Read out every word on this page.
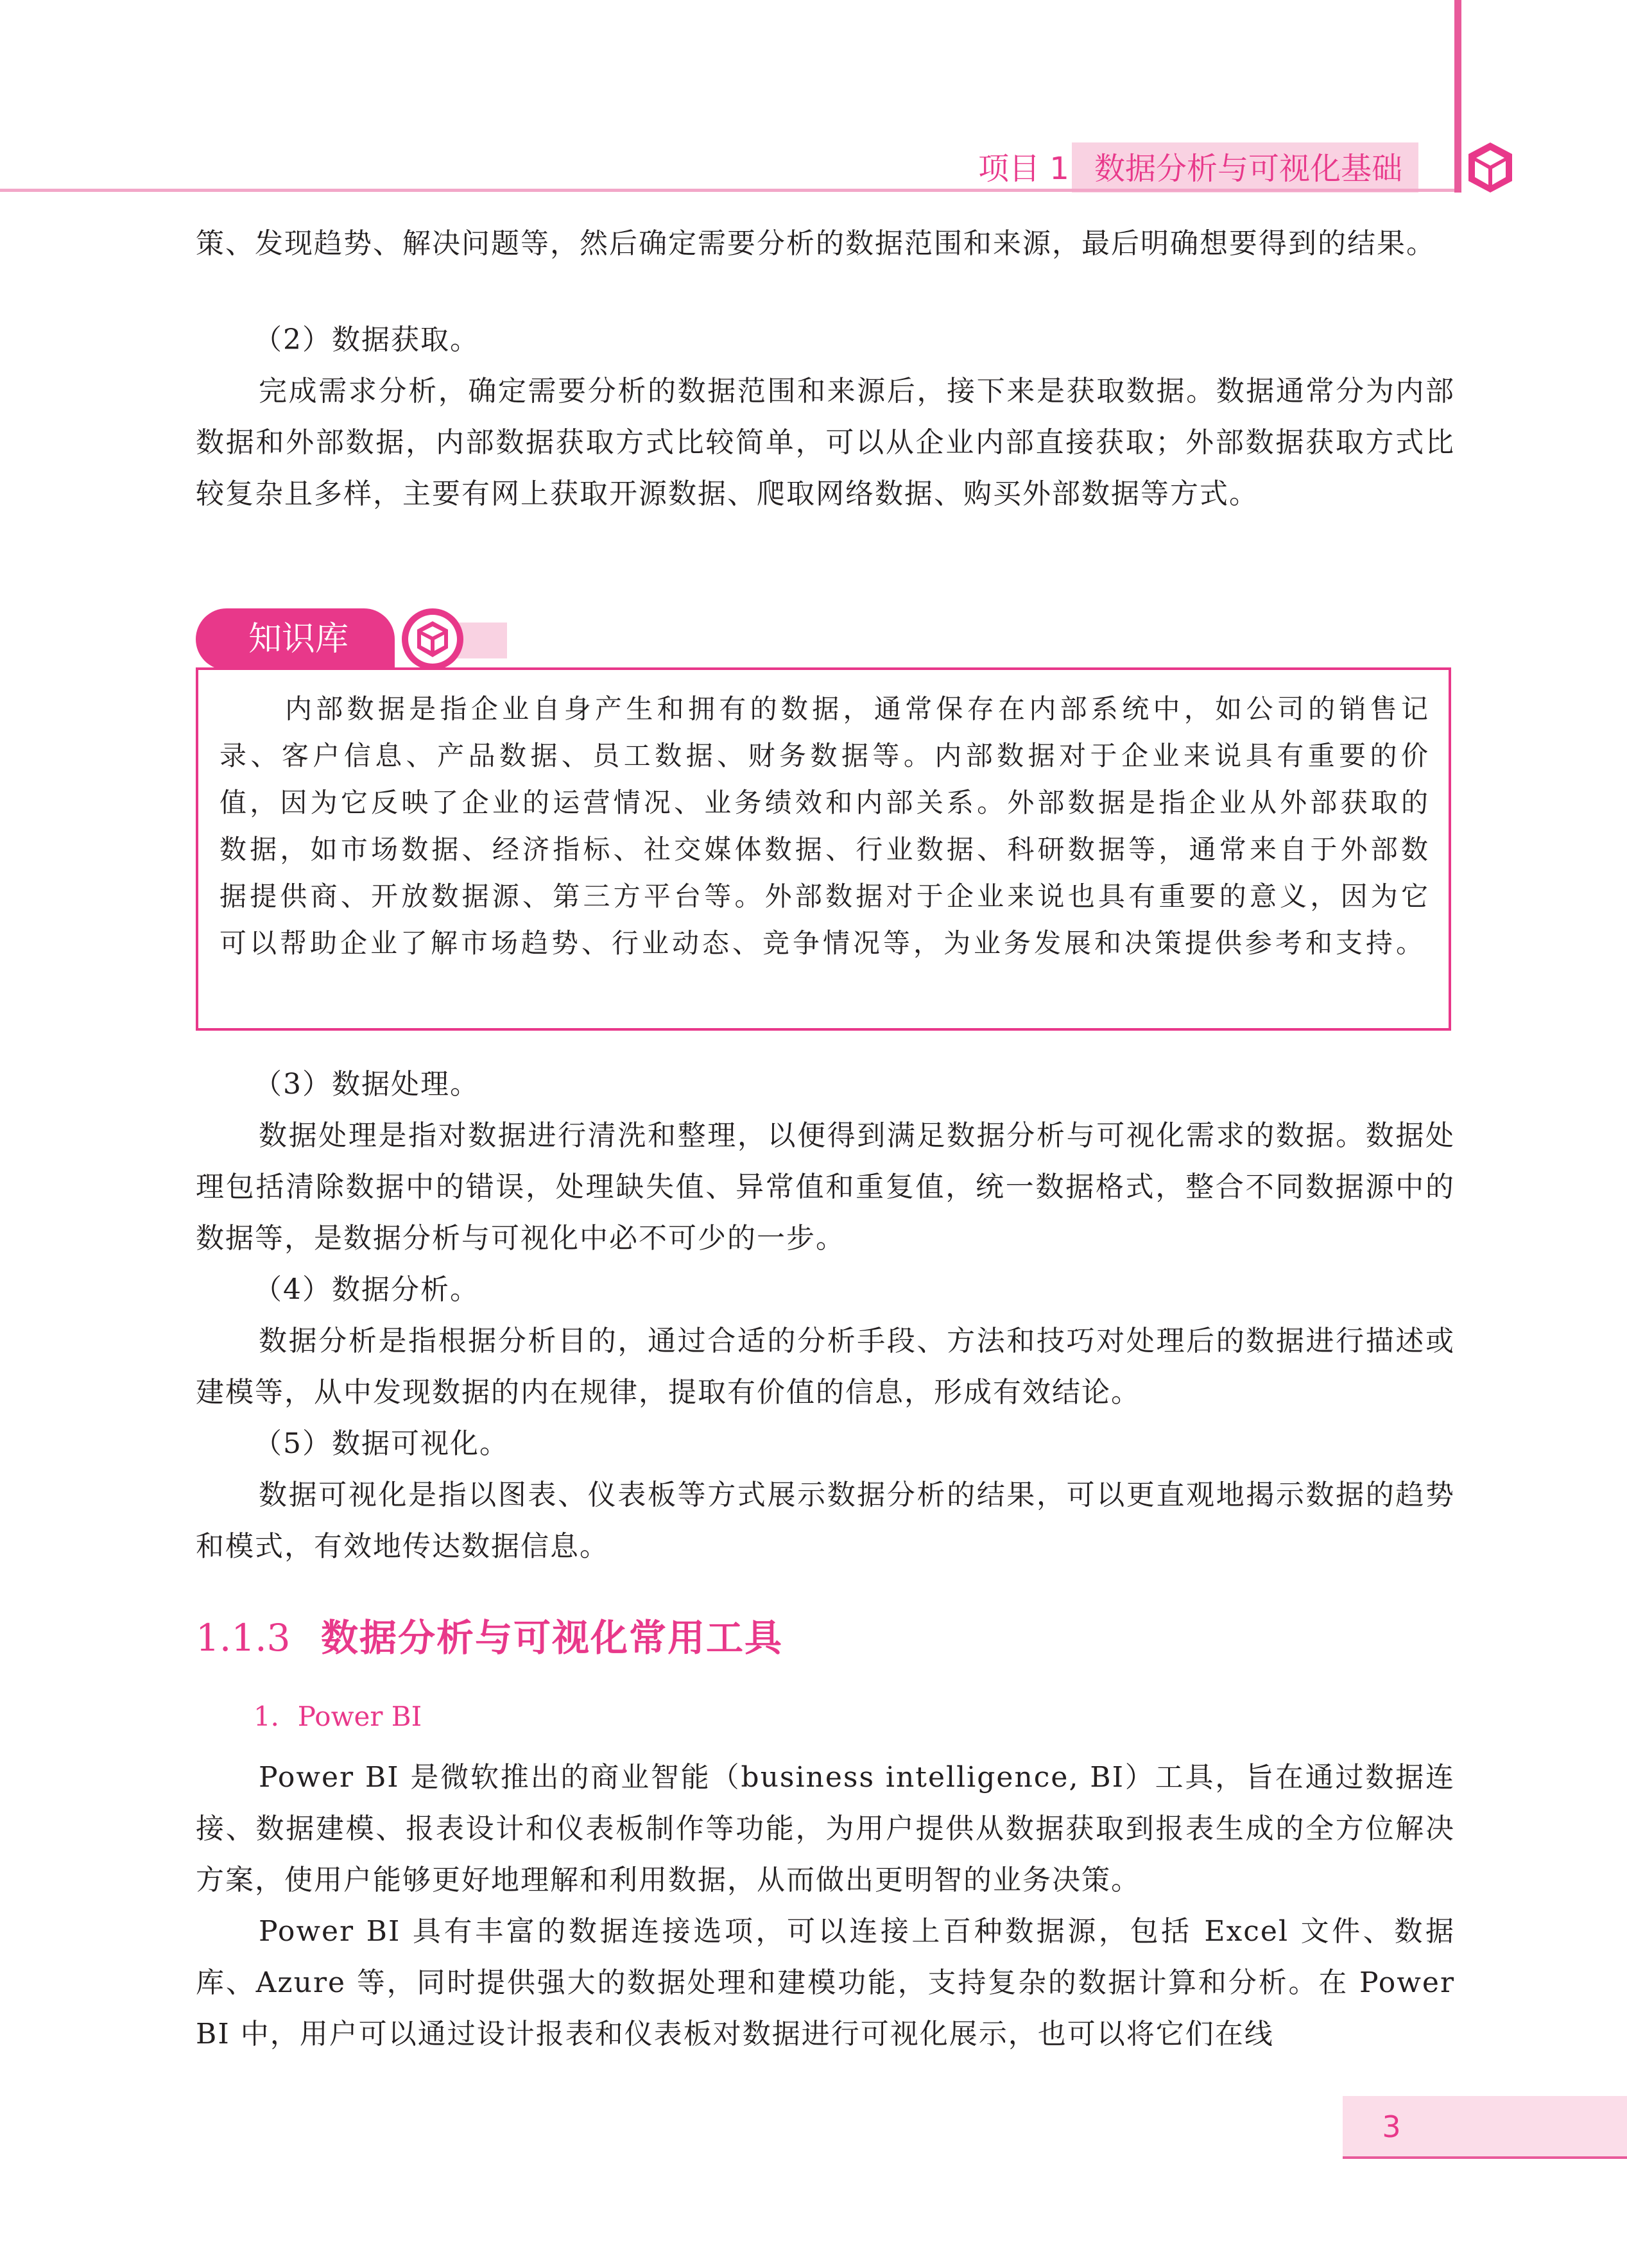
项目 1 数据分析与可视化基础

策、发现趋势、解决问题等，然后确定需要分析的数据范围和来源，最后明确想要得到的结果。

（2）数据获取。

完成需求分析，确定需要分析的数据范围和来源后，接下来是获取数据。数据通常分为内部数据和外部数据，内部数据获取方式比较简单，可以从企业内部直接获取；外部数据获取方式比较复杂且多样，主要有网上获取开源数据、爬取网络数据、购买外部数据等方式。

知识库

内部数据是指企业自身产生和拥有的数据，通常保存在内部系统中，如公司的销售记录、客户信息、产品数据、员工数据、财务数据等。内部数据对于企业来说具有重要的价值，因为它反映了企业的运营情况、业务绩效和内部关系。外部数据是指企业从外部获取的数据，如市场数据、经济指标、社交媒体数据、行业数据、科研数据等，通常来自于外部数据提供商、开放数据源、第三方平台等。外部数据对于企业来说也具有重要的意义，因为它可以帮助企业了解市场趋势、行业动态、竞争情况等，为业务发展和决策提供参考和支持。

（3）数据处理。

数据处理是指对数据进行清洗和整理，以便得到满足数据分析与可视化需求的数据。数据处理包括清除数据中的错误，处理缺失值、异常值和重复值，统一数据格式，整合不同数据源中的数据等，是数据分析与可视化中必不可少的一步。

（4）数据分析。

数据分析是指根据分析目的，通过合适的分析手段、方法和技巧对处理后的数据进行描述或建模等，从中发现数据的内在规律，提取有价值的信息，形成有效结论。

（5）数据可视化。

数据可视化是指以图表、仪表板等方式展示数据分析的结果，可以更直观地揭示数据的趋势和模式，有效地传达数据信息。

1.1.3 数据分析与可视化常用工具
1．Power BI

Power BI 是微软推出的商业智能（business intelligence, BI）工具，旨在通过数据连接、数据建模、报表设计和仪表板制作等功能，为用户提供从数据获取到报表生成的全方位解决方案，使用户能够更好地理解和利用数据，从而做出更明智的业务决策。

Power BI 具有丰富的数据连接选项，可以连接上百种数据源，包括 Excel 文件、数据库、Azure 等，同时提供强大的数据处理和建模功能，支持复杂的数据计算和分析。在 Power BI 中，用户可以通过设计报表和仪表板对数据进行可视化展示，也可以将它们在线

3
